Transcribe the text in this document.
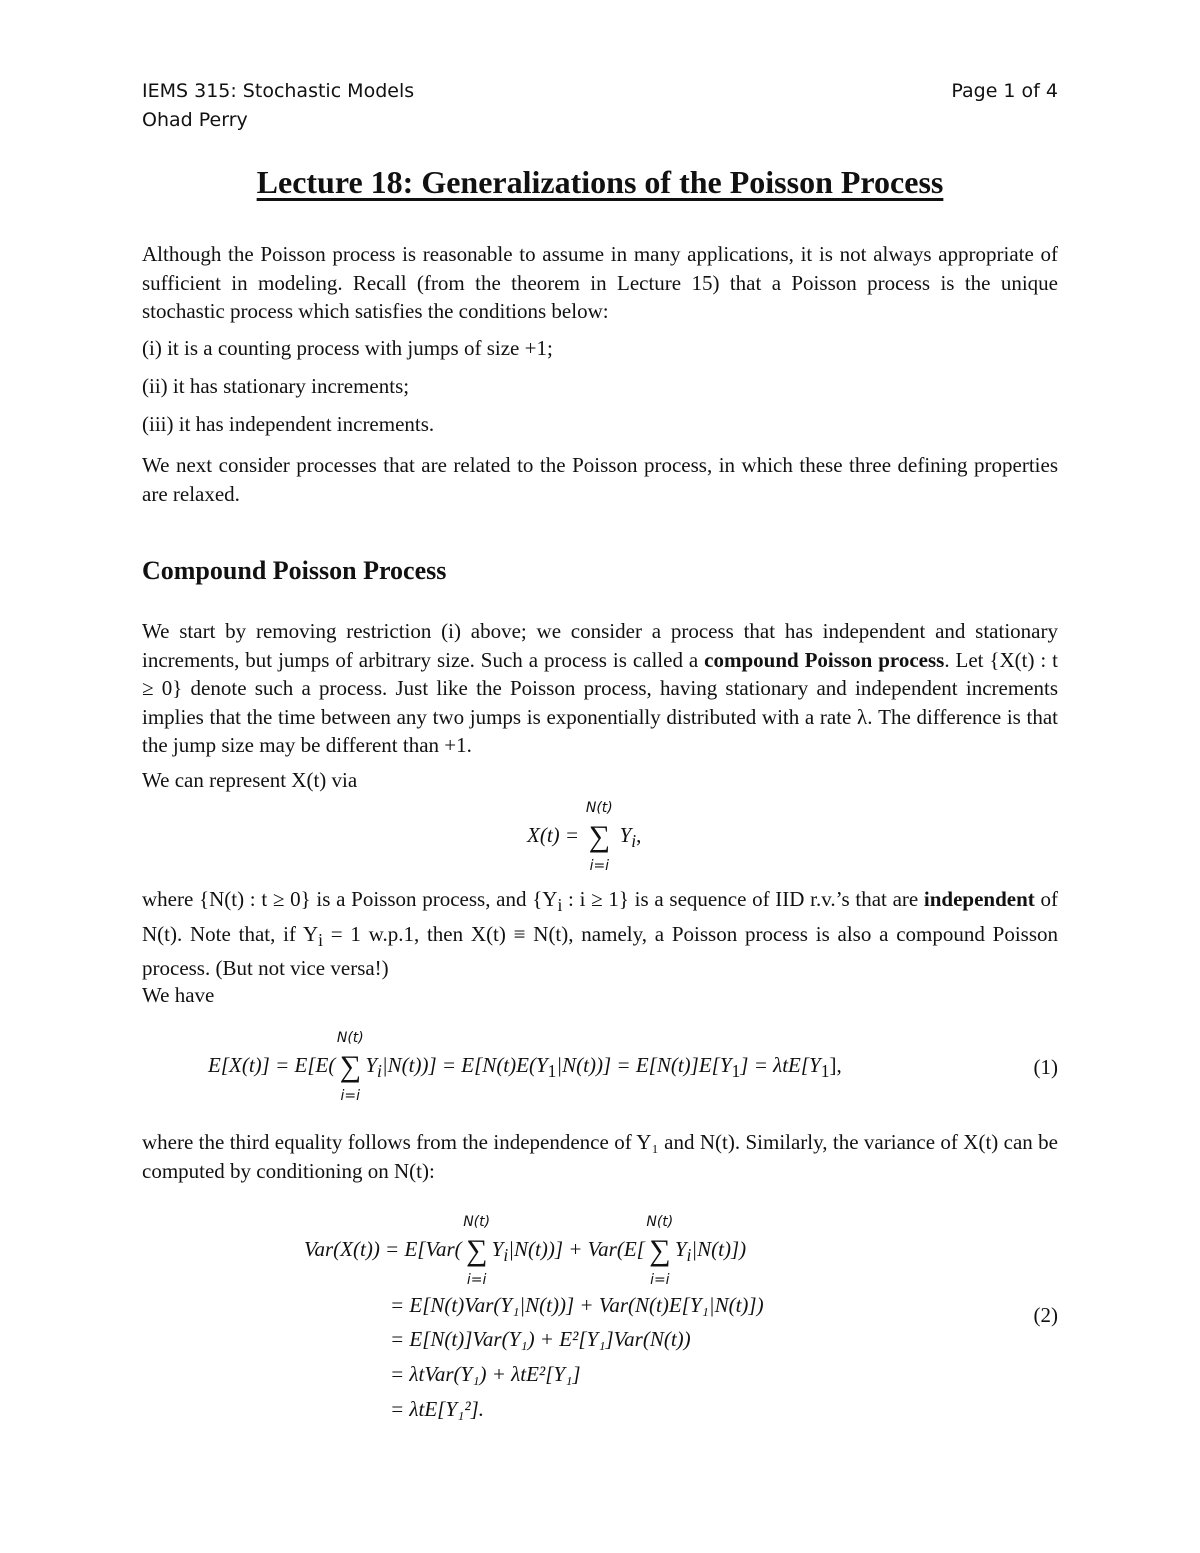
IEMS 315: Stochastic Models
Ohad Perry
Page 1 of 4
Lecture 18: Generalizations of the Poisson Process

Although the Poisson process is reasonable to assume in many applications, it is not always appropriate of sufficient in modeling. Recall (from the theorem in Lecture 15) that a Poisson process is the unique stochastic process which satisfies the conditions below:

(i) it is a counting process with jumps of size +1;
(ii) it has stationary increments;
(iii) it has independent increments.

We next consider processes that are related to the Poisson process, in which these three defining properties are relaxed.

Compound Poisson Process

We start by removing restriction (i) above; we consider a process that has independent and stationary increments, but jumps of arbitrary size. Such a process is called a compound Poisson process. Let {X(t) : t ≥ 0} denote such a process. Just like the Poisson process, having stationary and independent increments implies that the time between any two jumps is exponentially distributed with a rate λ. The difference is that the jump size may be different than +1.

We can represent X(t) via
X(t) =
N(t)
∑
i=i
$Y_i$,

where {N(t) : t ≥ 0} is a Poisson process, and {$Y_i$ : i ≥ 1} is a sequence of IID r.v.’s that are independent of N(t). Note that, if $Y_i = 1$ w.p.1, then X(t) ≡ N(t), namely, a Poisson process is also a compound Poisson process. (But not vice versa!)

We have
E[X(t)] = E[E(
N(t)
∑
i=i
$Y_i|N(t))] = E[N(t)E(Y_1|N(t))] = E[N(t)]E[Y_1] = \lambda tE[Y_1]$,	(1)

where the third equality follows from the independence of Y₁ and N(t). Similarly, the variance of X(t) can be computed by conditioning on N(t):

Var(X(t)) = E[Var(
N(t)
∑
i=i
$Y_i|N(t))] + Var(E$[
N(t)
∑
i=i
$Y_i|N(t)$])
= E[N(t)Var(Y₁|N(t))] + Var(N(t)E[Y₁|N(t)])
= E[N(t)]Var(Y₁) + E²[Y₁]Var(N(t))
= λtVar(Y₁) + λtE²[Y₁]
= λtE[Y₁²].
(2)
